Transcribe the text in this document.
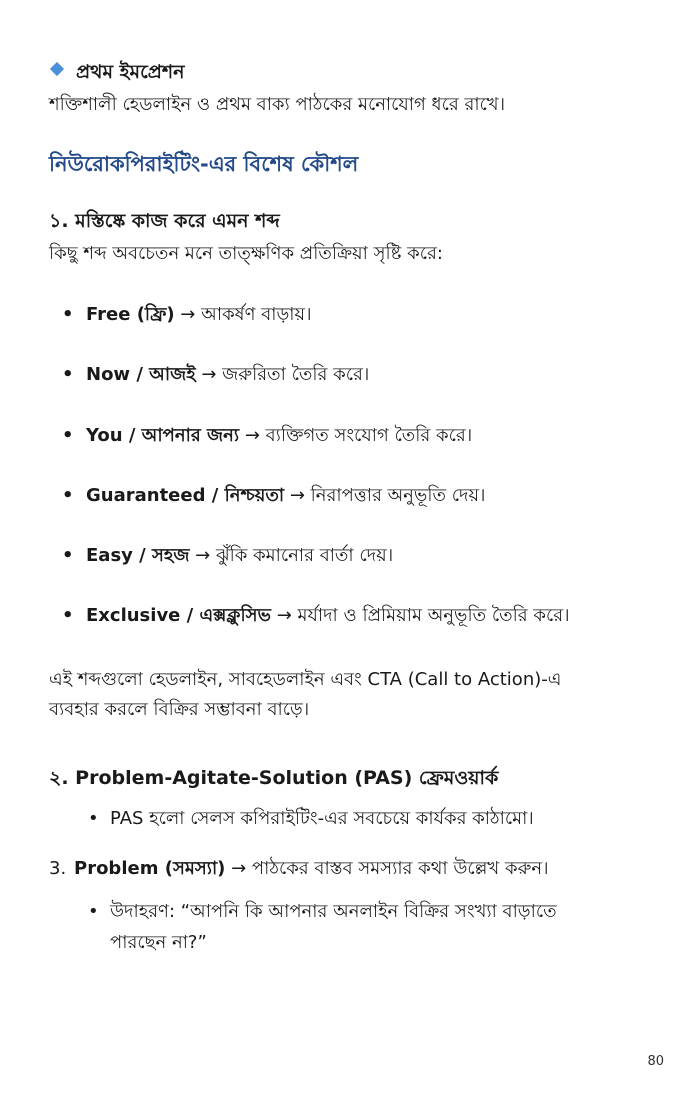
প্রথম ইমপ্রেশন
শক্তিশালী হেডলাইন ও প্রথম বাক্য পাঠকের মনোযোগ ধরে রাখে।
নিউরোকপিরাইটিং-এর বিশেষ কৌশল
১. মস্তিষ্কে কাজ করে এমন শব্দ
কিছু শব্দ অবচেতন মনে তাত্ক্ষণিক প্রতিক্রিয়া সৃষ্টি করে:
• Free (ফ্রি) → আকর্ষণ বাড়ায়।
• Now / আজই → জরুরিতা তৈরি করে।
• You / আপনার জন্য → ব্যক্তিগত সংযোগ তৈরি করে।
• Guaranteed / নিশ্চয়তা → নিরাপত্তার অনুভূতি দেয়।
• Easy / সহজ → ঝুঁকি কমানোর বার্তা দেয়।
• Exclusive / এক্সক্লুসিভ → মর্যাদা ও প্রিমিয়াম অনুভূতি তৈরি করে।
এই শব্দগুলো হেডলাইন, সাবহেডলাইন এবং CTA (Call to Action)-এ
ব্যবহার করলে বিক্রির সম্ভাবনা বাড়ে।
২. Problem-Agitate-Solution (PAS) ফ্রেমওয়ার্ক
• PAS হলো সেলস কপিরাইটিং-এর সবচেয়ে কার্যকর কাঠামো।
3. Problem (সমস্যা) → পাঠকের বাস্তব সমস্যার কথা উল্লেখ করুন।
• উদাহরণ: “আপনি কি আপনার অনলাইন বিক্রির সংখ্যা বাড়াতে
পারছেন না?”
80
